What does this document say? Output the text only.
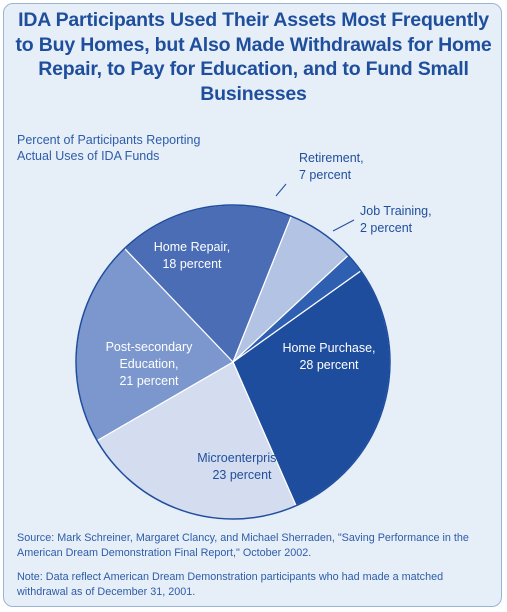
IDA Participants Used Their Assets Most Frequently to Buy Homes, but Also Made Withdrawals for Home Repair, to Pay for Education, and to Fund Small Businesses
Percent of Participants Reporting
Actual Uses of IDA Funds
Home Purchase, 28 percent
Microenterprise, 23 percent
Post-secondary Education, 21 percent
Home Repair, 18 percent
Retirement, 7 percent
Job Training, 2 percent
Source: Mark Schreiner, Margaret Clancy, and Michael Sherraden, "Saving Performance in the American Dream Demonstration Final Report," October 2002.
Note: Data reflect American Dream Demonstration participants who had made a matched withdrawal as of December 31, 2001.
